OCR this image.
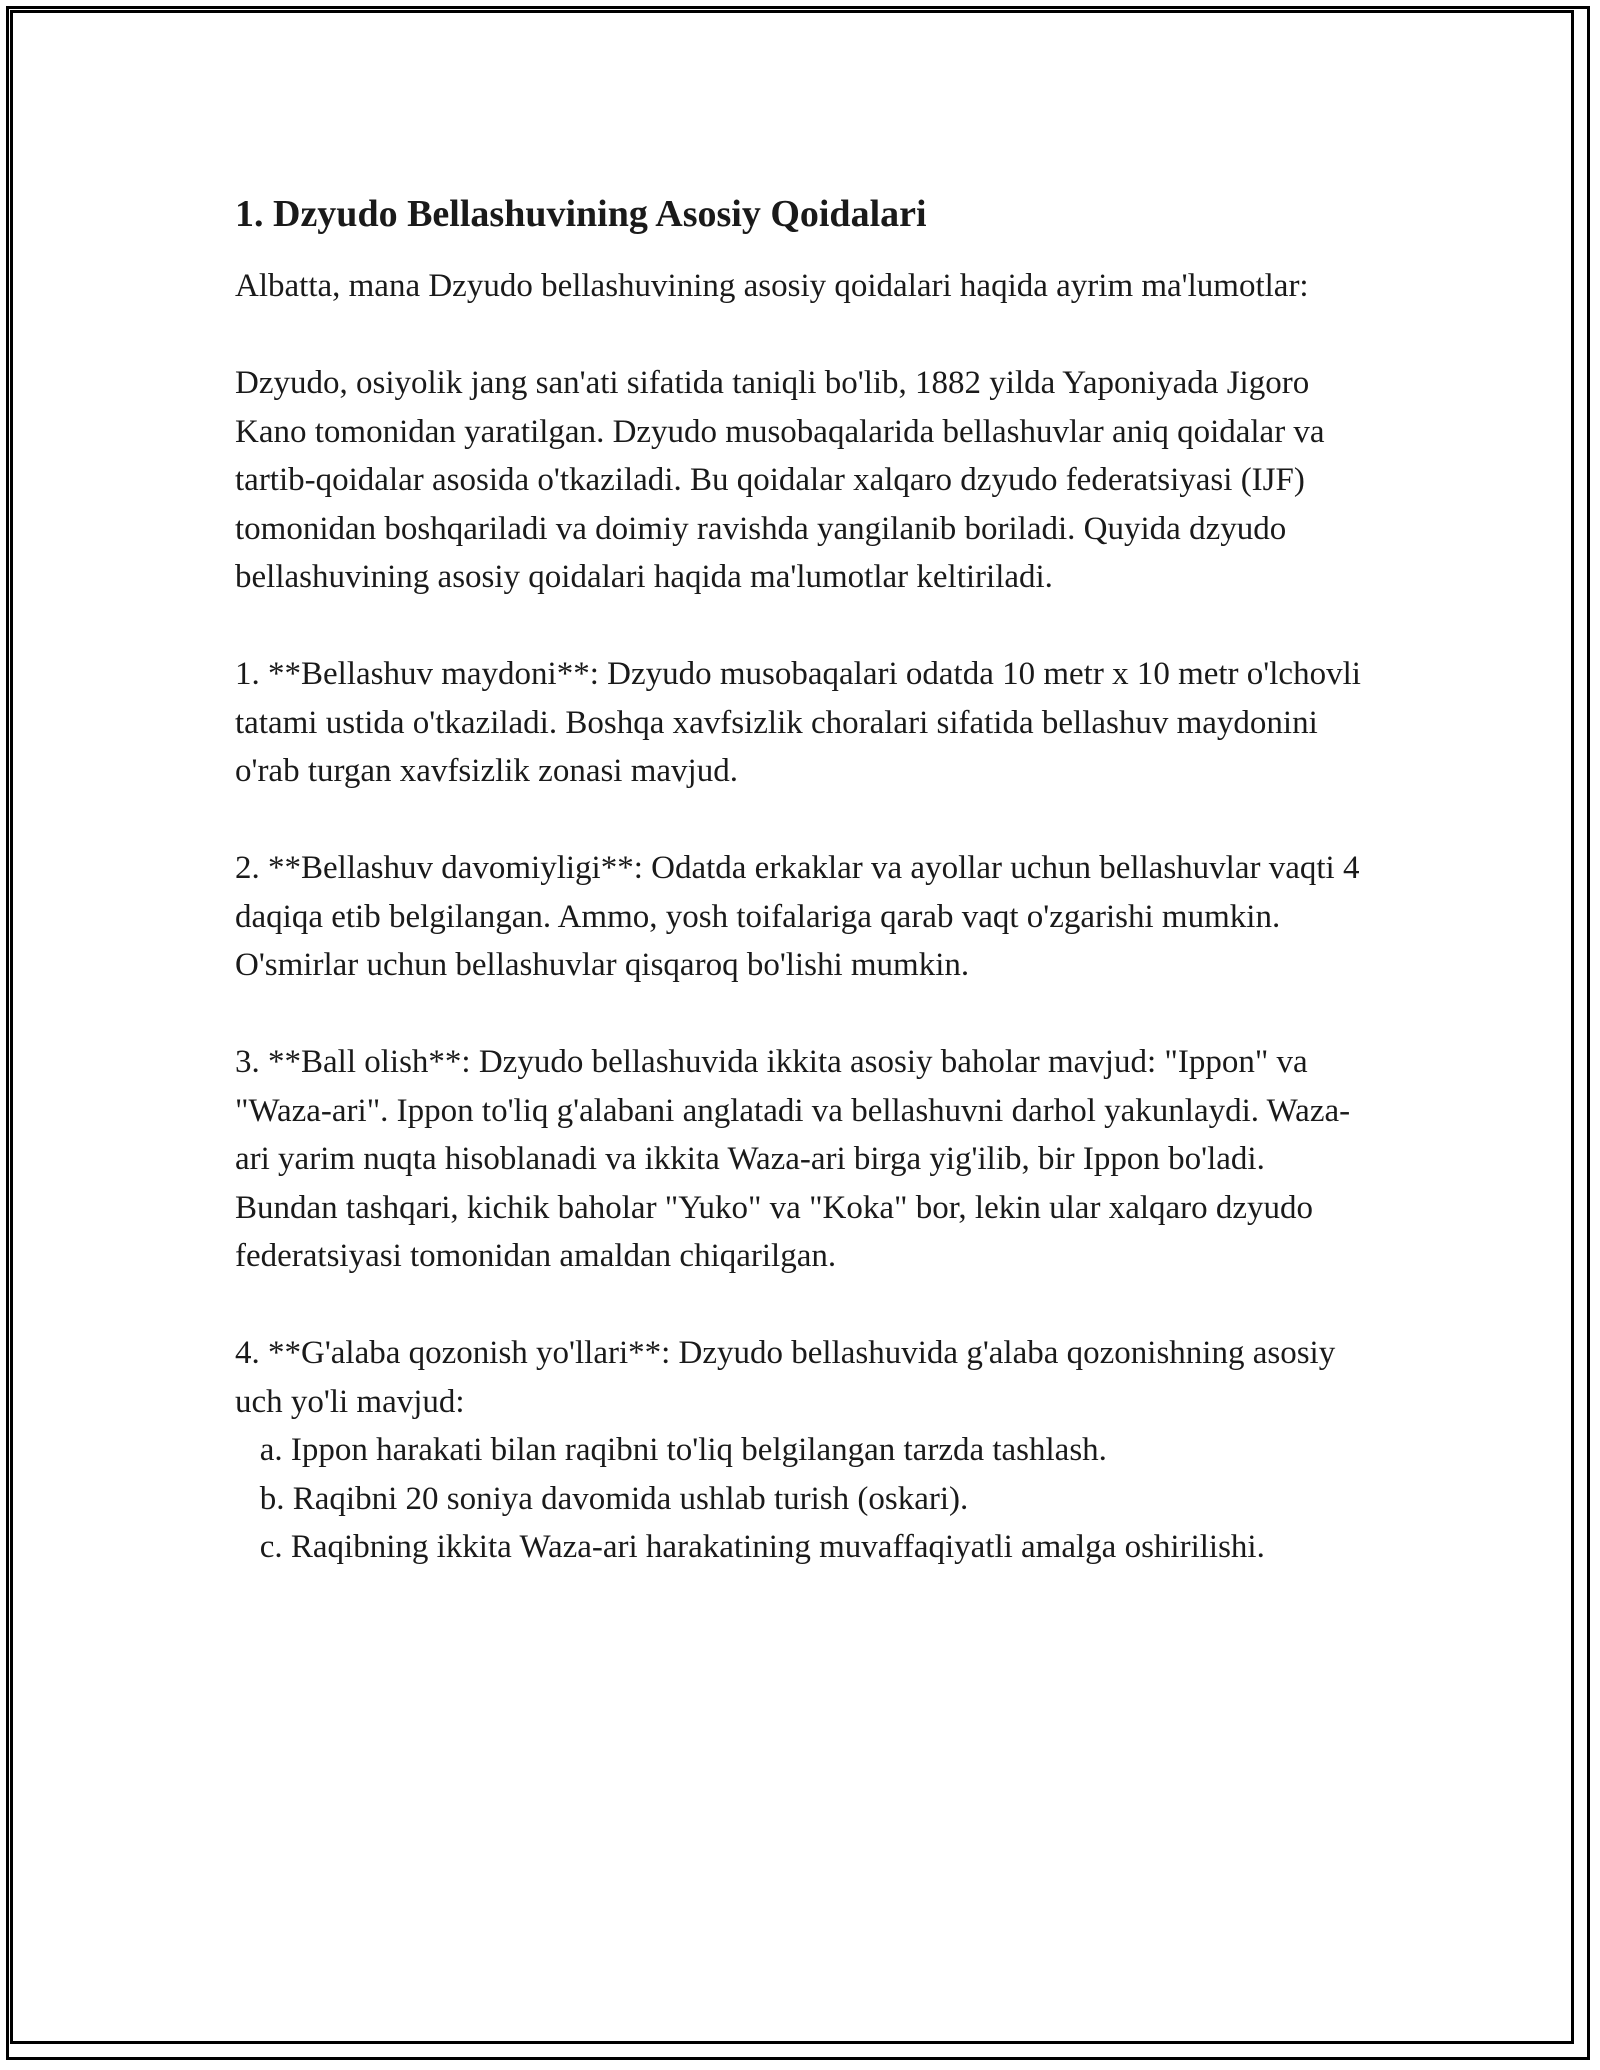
1. Dzyudo Bellashuvining Asosiy Qoidalari

Albatta, mana Dzyudo bellashuvining asosiy qoidalari haqida ayrim ma'lumotlar:

Dzyudo, osiyolik jang san'ati sifatida taniqli bo'lib, 1882 yilda Yaponiyada Jigoro Kano tomonidan yaratilgan. Dzyudo musobaqalarida bellashuvlar aniq qoidalar va tartib-qoidalar asosida o'tkaziladi. Bu qoidalar xalqaro dzyudo federatsiyasi (IJF) tomonidan boshqariladi va doimiy ravishda yangilanib boriladi. Quyida dzyudo bellashuvining asosiy qoidalari haqida ma'lumotlar keltiriladi.

1. **Bellashuv maydoni**: Dzyudo musobaqalari odatda 10 metr x 10 metr o'lchovli tatami ustida o'tkaziladi. Boshqa xavfsizlik choralari sifatida bellashuv maydonini o'rab turgan xavfsizlik zonasi mavjud.

2. **Bellashuv davomiyligi**: Odatda erkaklar va ayollar uchun bellashuvlar vaqti 4 daqiqa etib belgilangan. Ammo, yosh toifalariga qarab vaqt o'zgarishi mumkin. O'smirlar uchun bellashuvlar qisqaroq bo'lishi mumkin.

3. **Ball olish**: Dzyudo bellashuvida ikkita asosiy baholar mavjud: "Ippon" va "Waza-ari". Ippon to'liq g'alabani anglatadi va bellashuvni darhol yakunlaydi. Waza-ari yarim nuqta hisoblanadi va ikkita Waza-ari birga yig'ilib, bir Ippon bo'ladi. Bundan tashqari, kichik baholar "Yuko" va "Koka" bor, lekin ular xalqaro dzyudo federatsiyasi tomonidan amaldan chiqarilgan.

4. **G'alaba qozonish yo'llari**: Dzyudo bellashuvida g'alaba qozonishning asosiy uch yo'li mavjud:
a. Ippon harakati bilan raqibni to'liq belgilangan tarzda tashlash.
b. Raqibni 20 soniya davomida ushlab turish (oskari).
c. Raqibning ikkita Waza-ari harakatining muvaffaqiyatli amalga oshirilishi.
